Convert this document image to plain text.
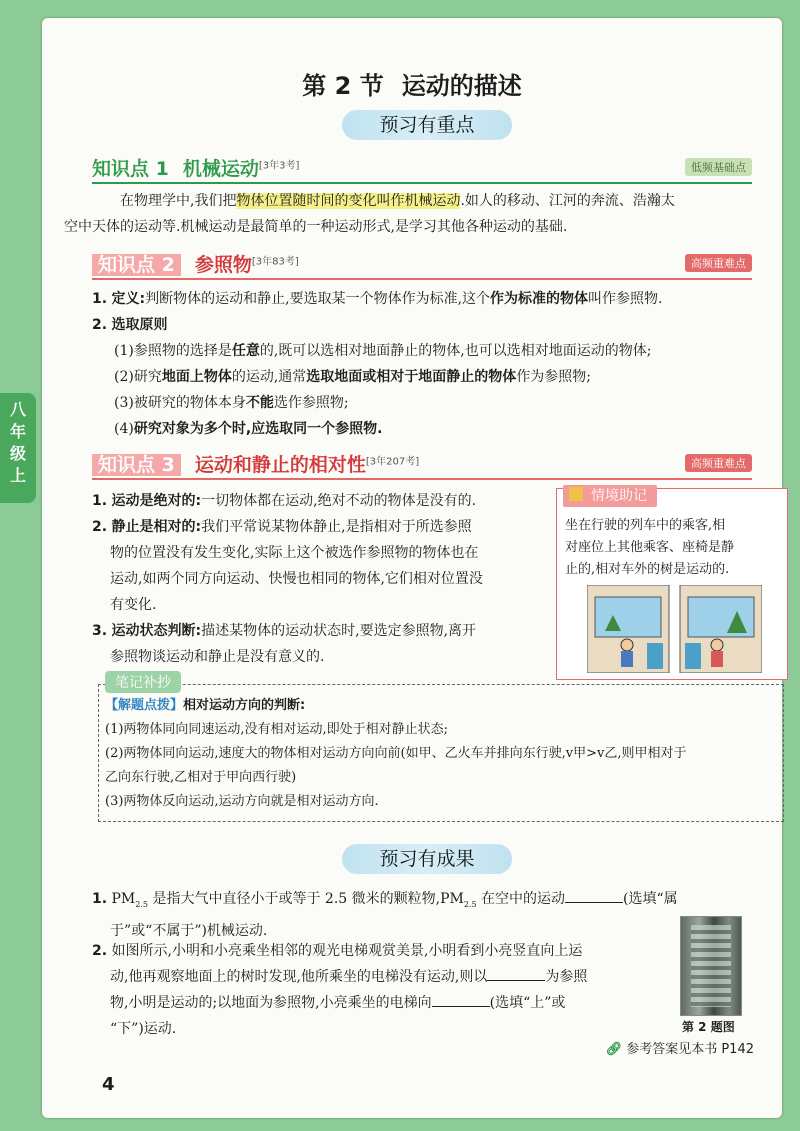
第 2 节 运动的描述
预习有重点
知识点 1 机械运动[3年3考]	低频基础点

在物理学中,我们把物体位置随时间的变化叫作机械运动.如人的移动、江河的奔流、浩瀚太
空中天体的运动等.机械运动是最简单的一种运动形式,是学习其他各种运动的基础.

知识点 2 参照物[3年83考]	高频重难点
1. 定义:判断物体的运动和静止,要选取某一个物体作为标准,这个作为标准的物体叫作参照物.
2. 选取原则
(1)参照物的选择是任意的,既可以选相对地面静止的物体,也可以选相对地面运动的物体;
(2)研究地面上物体的运动,通常选取地面或相对于地面静止的物体作为参照物;
(3)被研究的物体本身不能选作参照物;
(4)研究对象为多个时,应选取同一个参照物.
知识点 3 运动和静止的相对性[3年207考]	高频重难点
1. 运动是绝对的:一切物体都在运动,绝对不动的物体是没有的.
2. 静止是相对的:我们平常说某物体静止,是指相对于所选参照
物的位置没有发生变化,实际上这个被选作参照物的物体也在
运动,如两个同方向运动、快慢也相同的物体,它们相对位置没
有变化.
3. 运动状态判断:描述某物体的运动状态时,要选定参照物,离开
参照物谈运动和静止是没有意义的.
情境助记
坐在行驶的列车中的乘客,相
对座位上其他乘客、座椅是静
止的,相对车外的树是运动的.
笔记补抄
【解题点拨】相对运动方向的判断:
(1)两物体同向同速运动,没有相对运动,即处于相对静止状态;
(2)两物体同向运动,速度大的物体相对运动方向向前(如甲、乙火车并排向东行驶,v甲>v乙,则甲相对于
乙向东行驶,乙相对于甲向西行驶)
(3)两物体反向运动,运动方向就是相对运动方向.
预习有成果
1. $PM_{2.5}$ 是指大气中直径小于或等于 2.5 微米的颗粒物$,PM_{2.5}$ 在空中的运动	(选填“属
于”或“不属于”)机械运动.
2. 如图所示,小明和小亮乘坐相邻的观光电梯观赏美景,小明看到小亮竖直向上运
动,他再观察地面上的树时发现,他所乘坐的电梯没有运动,则以	为参照
物,小明是运动的;以地面为参照物,小亮乘坐的电梯向	(选填“上”或
“下”)运动.	第 2 题图
🔗︎ 参考答案见本书 P142
4
八
年
级
上
